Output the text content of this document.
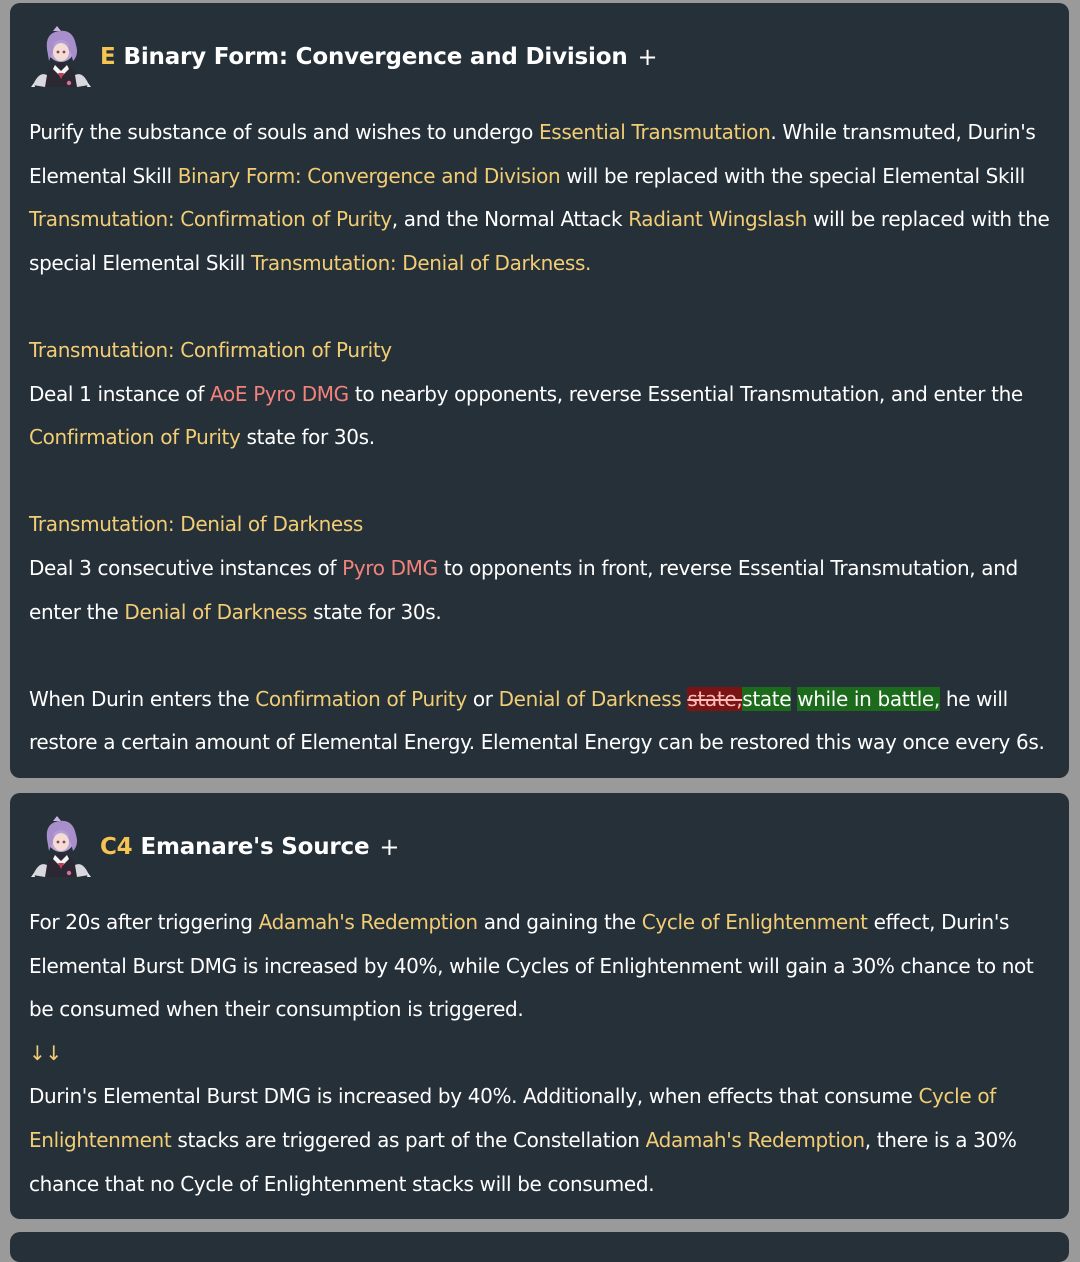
E Binary Form: Convergence and Division +

Purify the substance of souls and wishes to undergo Essential Transmutation. While transmuted, Durin's Elemental Skill Binary Form: Convergence and Division will be replaced with the special Elemental Skill Transmutation: Confirmation of Purity, and the Normal Attack Radiant Wingslash will be replaced with the special Elemental Skill Transmutation: Denial of Darkness.

Transmutation: Confirmation of Purity

Deal 1 instance of AoE Pyro DMG to nearby opponents, reverse Essential Transmutation, and enter the Confirmation of Purity state for 30s.

Transmutation: Denial of Darkness

Deal 3 consecutive instances of Pyro DMG to opponents in front, reverse Essential Transmutation, and enter the Denial of Darkness state for 30s.

When Durin enters the Confirmation of Purity or Denial of Darkness state,state while in battle, he will restore a certain amount of Elemental Energy. Elemental Energy can be restored this way once every 6s.

C4 Emanare's Source +

For 20s after triggering Adamah's Redemption and gaining the Cycle of Enlightenment effect, Durin's Elemental Burst DMG is increased by 40%, while Cycles of Enlightenment will gain a 30% chance to not be consumed when their consumption is triggered.

↓↓

Durin's Elemental Burst DMG is increased by 40%. Additionally, when effects that consume Cycle of Enlightenment stacks are triggered as part of the Constellation Adamah's Redemption, there is a 30% chance that no Cycle of Enlightenment stacks will be consumed.
